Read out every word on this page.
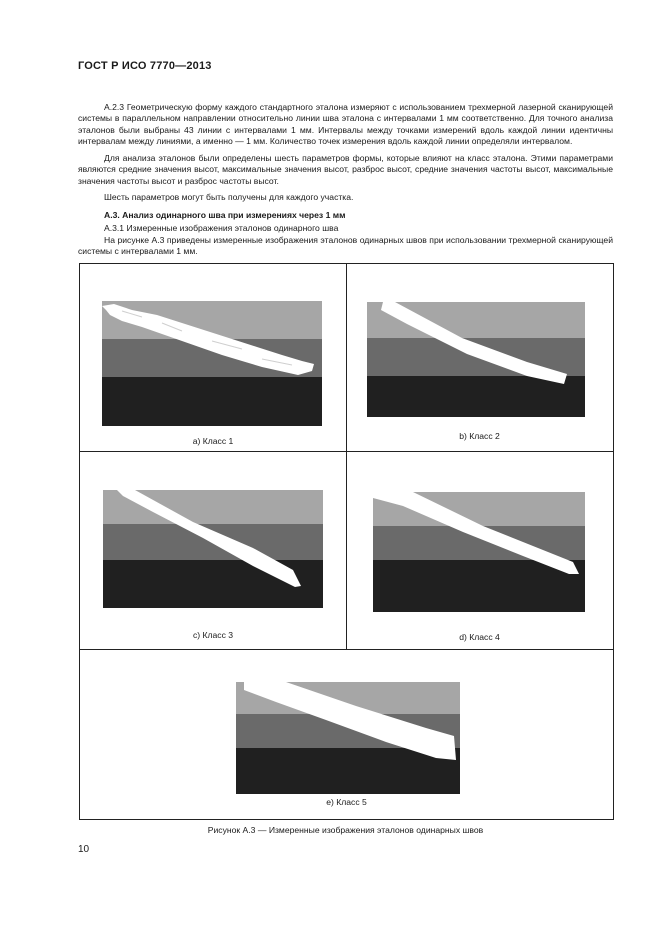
ГОСТ Р ИСО 7770—2013

А.2.3 Геометрическую форму каждого стандартного эталона измеряют с использованием трехмерной лазерной сканирующей системы в параллельном направлении относительно линии шва эталона с интервалами 1 мм соответственно. Для точного анализа эталонов были выбраны 43 линии с интервалами 1 мм. Интервалы между точками измерений вдоль каждой линии идентичны интервалам между линиями, а именно — 1 мм. Количество точек измерения вдоль каждой линии определяли интервалом.

Для анализа эталонов были определены шесть параметров формы, которые влияют на класс эталона. Этими параметрами являются средние значения высот, максимальные значения высот, разброс высот, средние значения частоты высот, максимальные значения частоты высот и разброс частоты высот.

Шесть параметров могут быть получены для каждого участка.

А.3. Анализ одинарного шва при измерениях через 1 мм

А.3.1 Измеренные изображения эталонов одинарного шва

На рисунке А.3 приведены измеренные изображения эталонов одинарных швов при использовании трехмерной сканирующей системы с интервалами 1 мм.

а) Класс 1	b) Класс 2
с) Класс 3	d) Класс 4
е) Класс 5
Рисунок А.3 — Измеренные изображения эталонов одинарных швов
10
